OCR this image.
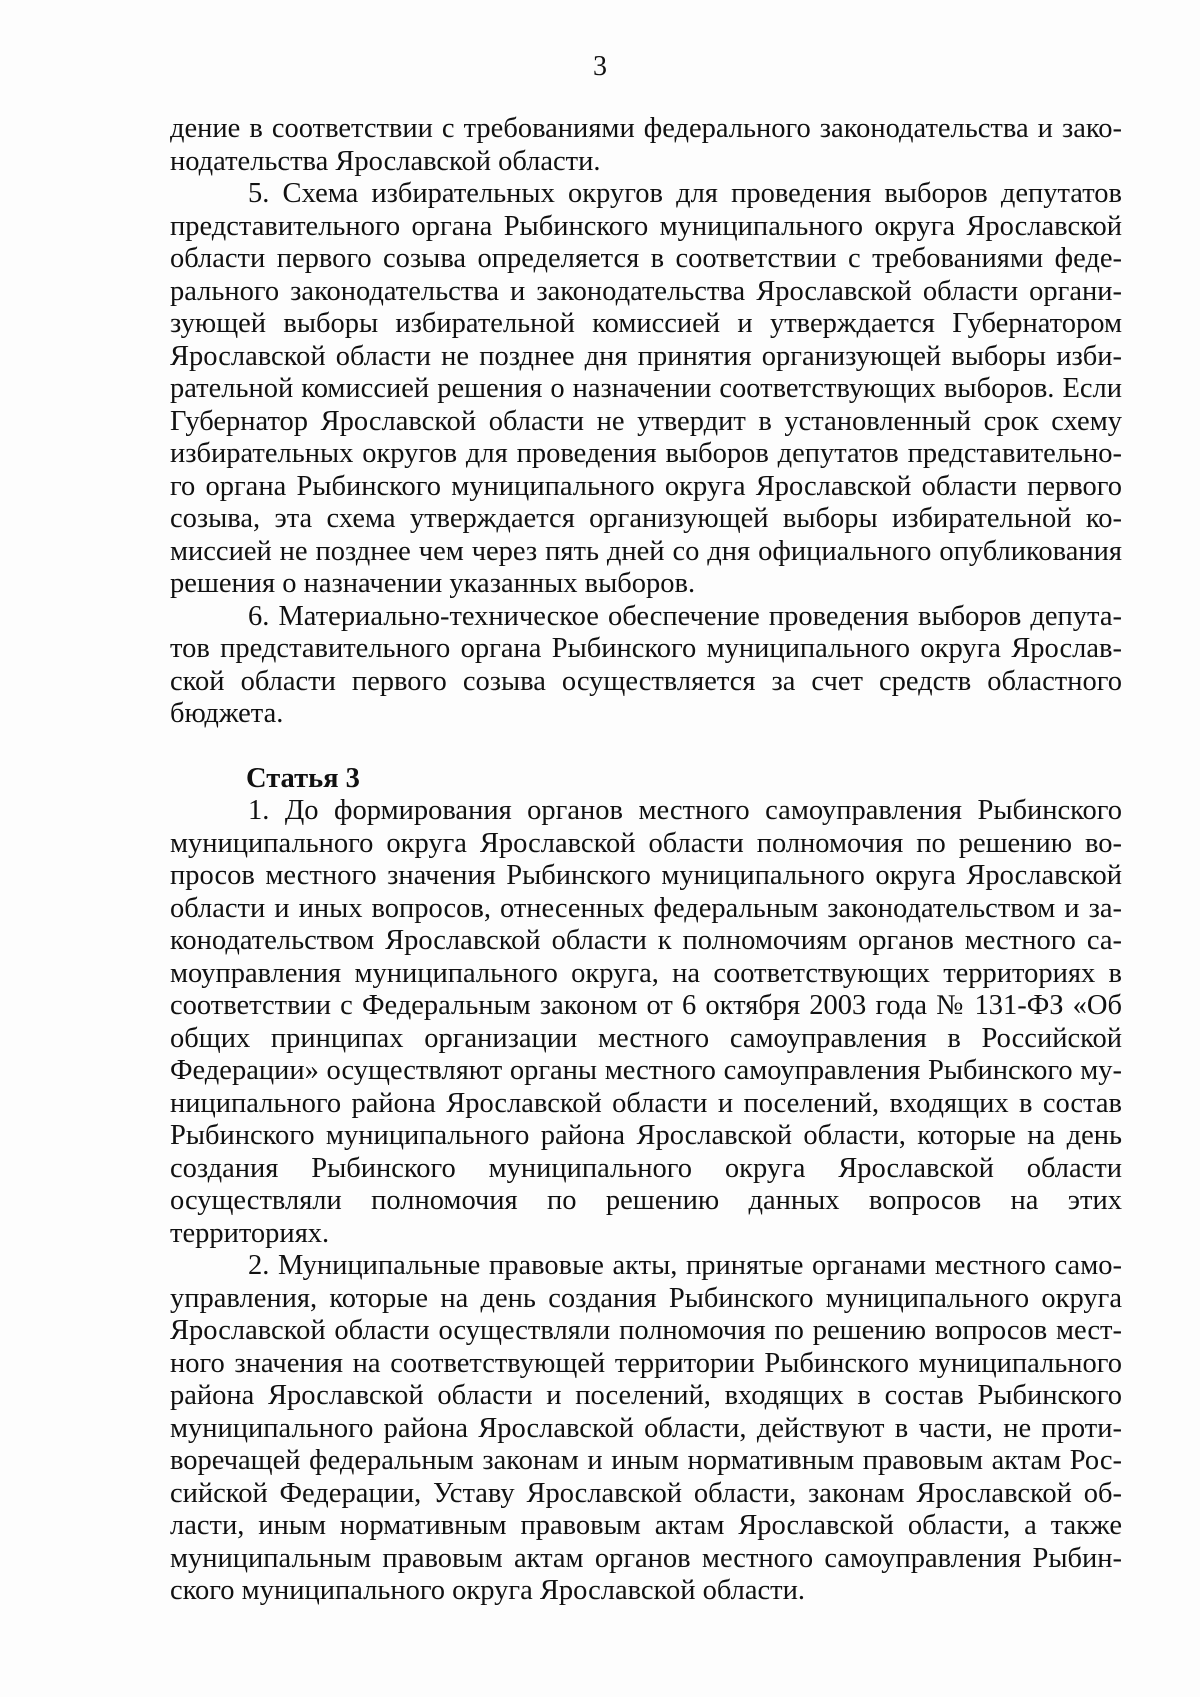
3

дение в соответствии с требованиями федерального законодательства и законодательства Ярославской области.

5. Схема избирательных округов для проведения выборов депутатов представительного органа Рыбинского муниципального округа Ярославской области первого созыва определяется в соответствии с требованиями федерального законодательства и законодательства Ярославской области организующей выборы избирательной комиссией и утверждается Губернатором Ярославской области не позднее дня принятия организующей выборы избирательной комиссией решения о назначении соответствующих выборов. Если Губернатор Ярославской области не утвердит в установленный срок схему избирательных округов для проведения выборов депутатов представительного органа Рыбинского муниципального округа Ярославской области первого созыва, эта схема утверждается организующей выборы избирательной комиссией не позднее чем через пять дней со дня официального опубликования решения о назначении указанных выборов.

6. Материально-техническое обеспечение проведения выборов депутатов представительного органа Рыбинского муниципального округа Ярославской области первого созыва осуществляется за счет средств областного бюджета.

Статья 3

1. До формирования органов местного самоуправления Рыбинского муниципального округа Ярославской области полномочия по решению вопросов местного значения Рыбинского муниципального округа Ярославской области и иных вопросов, отнесенных федеральным законодательством и законодательством Ярославской области к полномочиям органов местного самоуправления муниципального округа, на соответствующих территориях в соответствии с Федеральным законом от 6 октября 2003 года № 131-ФЗ «Об общих принципах организации местного самоуправления в Российской Федерации» осуществляют органы местного самоуправления Рыбинского муниципального района Ярославской области и поселений, входящих в состав Рыбинского муниципального района Ярославской области, которые на день создания Рыбинского муниципального округа Ярославской области осуществляли полномочия по решению данных вопросов на этих территориях.

2. Муниципальные правовые акты, принятые органами местного самоуправления, которые на день создания Рыбинского муниципального округа Ярославской области осуществляли полномочия по решению вопросов местного значения на соответствующей территории Рыбинского муниципального района Ярославской области и поселений, входящих в состав Рыбинского муниципального района Ярославской области, действуют в части, не противоречащей федеральным законам и иным нормативным правовым актам Российской Федерации, Уставу Ярославской области, законам Ярославской области, иным нормативным правовым актам Ярославской области, а также муниципальным правовым актам органов местного самоуправления Рыбинского муниципального округа Ярославской области.
